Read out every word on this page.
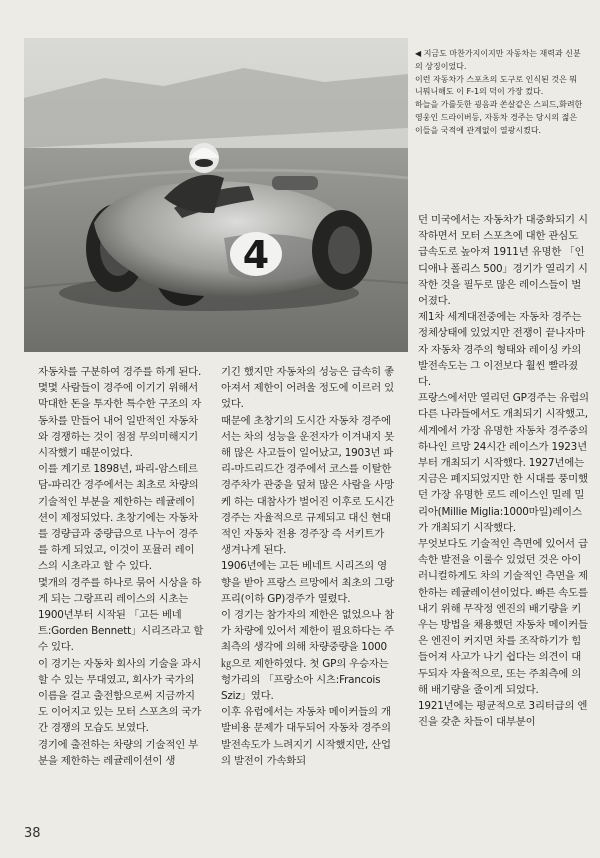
4

◀ 지금도 마찬가지이지만 자동차는 재력과 신분의 상징이었다.

이런 자동차가 스포츠의 도구로 인식된 것은 뭐니뭐니해도 이 F-1의 덕이 가장 컸다.

하늘을 가를듯한 굉음과 쏜살같은 스피드,화려한 영웅인 드라이버등, 자동차 경주는 당시의 젊은이들을 국적에 관계없이 열광시켰다.

자동차를 구분하여 경주를 하게 된다. 몇몇 사람들이 경주에 이기기 위해서 막대한 돈을 투자한 특수한 구조의 자동차를 만들어 내어 일반적인 자동차와 경쟁하는 것이 점점 무의미해지기 시작했기 때문이었다.

이를 계기로 1898년, 파리-암스테르담-파리간 경주에서는 최초로 차량의 기술적인 부분을 제한하는 레귤레이션이 제정되었다. 초창기에는 자동차를 경량급과 중량급으로 나누어 경주를 하게 되었고, 이것이 포뮬러 레이스의 시초라고 할 수 있다.

몇개의 경주를 하나로 묶어 시상을 하게 되는 그랑프리 레이스의 시초는 1900년부터 시작된 「고든 베네트:Gorden Bennett」시리즈라고 할 수 있다.

이 경기는 자동차 회사의 기술을 과시할 수 있는 무대였고, 회사가 국가의 이름을 걸고 출전함으로써 지금까지도 이어지고 있는 모터 스포츠의 국가간 경쟁의 모습도 보였다.

경기에 출전하는 차량의 기술적인 부분을 제한하는 레귤레이션이 생

기긴 했지만 자동차의 성능은 급속히 좋아져서 제한이 어려울 정도에 이르러 있었다.

때문에 초창기의 도시간 자동차 경주에서는 차의 성능을 운전자가 이겨내지 못해 많은 사고들이 일어났고, 1903년 파리-마드리드간 경주에서 코스를 이탈한 경주차가 관중을 덮쳐 많은 사람을 사망케 하는 대참사가 벌어진 이후로 도시간 경주는 자율적으로 규제되고 대신 현대적인 자동차 전용 경주장 즉 서키트가 생겨나게 된다.

1906년에는 고든 베네트 시리즈의 영향을 받아 프랑스 르망에서 최초의 그랑프리(이하 GP)경주가 열렸다.

이 경기는 참가자의 제한은 없었으나 참가 차량에 있어서 제한이 필요하다는 주최측의 생각에 의해 차량중량을 1000㎏으로 제한하였다. 첫 GP의 우승자는 헝가리의 「프랑소아 시츠:Francois Sziz」였다.

이후 유럽에서는 자동차 메이커들의 개발비용 문제가 대두되어 자동차 경주의 발전속도가 느려지기 시작했지만, 산업의 발전이 가속화되

던 미국에서는 자동차가 대중화되기 시작하면서 모터 스포츠에 대한 관심도 급속도로 높아져 1911년 유명한 「인디애나 폴리스 500」경기가 열리기 시작한 것을 필두로 많은 레이스들이 벌어졌다.

제1차 세계대전중에는 자동차 경주는 정체상태에 있었지만 전쟁이 끝나자마자 자동차 경주의 형태와 레이싱 카의 발전속도는 그 이전보다 훨씬 빨라졌다.

프랑스에서만 열리던 GP경주는 유럽의 다른 나라들에서도 개최되기 시작했고, 세계에서 가장 유명한 자동차 경주중의 하나인 르망 24시간 레이스가 1923년부터 개최되기 시작했다. 1927년에는 지금은 폐지되었지만 한 시대를 풍미했던 가장 유명한 로드 레이스인 밀레 밀리아(Millie Miglia:1000마일)레이스가 개최되기 시작했다.

무엇보다도 기술적인 측면에 있어서 급속한 발전을 이룰수 있었던 것은 아이러니컬하게도 차의 기술적인 측면을 제한하는 레귤레이션이었다. 빠른 속도를 내기 위해 무작정 엔진의 배기량을 키우는 방법을 채용했던 자동차 메이커들은 엔진이 커지면 차를 조작하기가 힘들어져 사고가 나기 쉽다는 의견이 대두되자 자율적으로, 또는 주최측에 의해 배기량을 줄이게 되었다.

1921년에는 평균적으로 3리터급의 엔진을 갖춘 차들이 대부분이

38
